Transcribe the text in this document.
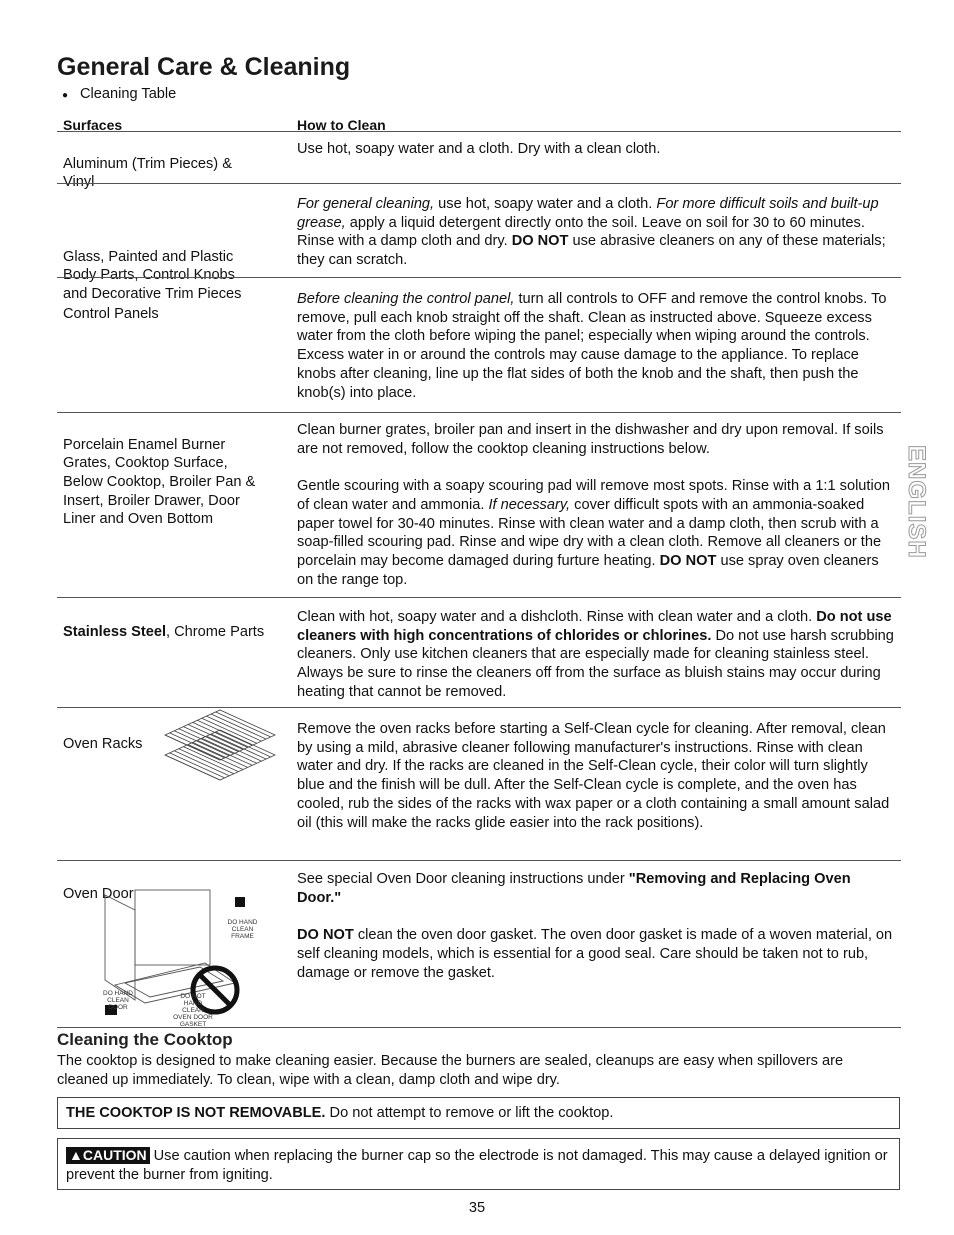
General Care & Cleaning
● Cleaning Table
Surfaces	How to Clean

Aluminum (Trim Pieces) & Vinyl

Use hot, soapy water and a cloth. Dry with a clean cloth.

Glass, Painted and Plastic Body Parts, Control Knobs and Decorative Trim Pieces

For general cleaning, use hot, soapy water and a cloth. For more difficult soils and built-up grease, apply a liquid detergent directly onto the soil. Leave on soil for 30 to 60 minutes. Rinse with a damp cloth and dry. DO NOT use abrasive cleaners on any of these materials; they can scratch.

Control Panels

Before cleaning the control panel, turn all controls to OFF and remove the control knobs. To remove, pull each knob straight off the shaft. Clean as instructed above. Squeeze excess water from the cloth before wiping the panel; especially when wiping around the controls. Excess water in or around the controls may cause damage to the appliance. To replace knobs after cleaning, line up the flat sides of both the knob and the shaft, then push the knob(s) into place.

Porcelain Enamel Burner Grates, Cooktop Surface, Below Cooktop, Broiler Pan & Insert, Broiler Drawer, Door Liner and Oven Bottom

Clean burner grates, broiler pan and insert in the dishwasher and dry upon removal. If soils are not removed, follow the cooktop cleaning instructions below.

Gentle scouring with a soapy scouring pad will remove most spots. Rinse with a 1:1 solution of clean water and ammonia. If necessary, cover difficult spots with an ammonia-soaked paper towel for 30-40 minutes. Rinse with clean water and a damp cloth, then scrub with a soap-filled scouring pad. Rinse and wipe dry with a clean cloth. Remove all cleaners or the porcelain may become damaged during furture heating. DO NOT use spray oven cleaners on the range top.

Stainless Steel, Chrome Parts

Clean with hot, soapy water and a dishcloth. Rinse with clean water and a cloth. Do not use cleaners with high concentrations of chlorides or chlorines. Do not use harsh scrubbing cleaners. Only use kitchen cleaners that are especially made for cleaning stainless steel. Always be sure to rinse the cleaners off from the surface as bluish stains may occur during heating that cannot be removed.

Oven Racks

Remove the oven racks before starting a Self-Clean cycle for cleaning. After removal, clean by using a mild, abrasive cleaner following manufacturer's instructions. Rinse with clean water and dry. If the racks are cleaned in the Self-Clean cycle, their color will turn slightly blue and the finish will be dull. After the Self-Clean cycle is complete, and the oven has cooled, rub the sides of the racks with wax paper or a cloth containing a small amount salad oil (this will make the racks glide easier into the rack positions).

Oven Door

See special Oven Door cleaning instructions under "Removing and Replacing Oven Door."

DO NOT clean the oven door gasket. The oven door gasket is made of a woven material, on self cleaning models, which is essential for a good seal. Care should be taken not to rub, damage or remove the gasket.

DO HAND CLEAN FRAME
DO HAND CLEAN DOOR
DO NOT HAND CLEAN OVEN DOOR GASKET
ENGLISH
Cleaning the Cooktop
The cooktop is designed to make cleaning easier. Because the burners are sealed, cleanups are easy when spillovers are cleaned up immediately. To clean, wipe with a clean, damp cloth and wipe dry.
THE COOKTOP IS NOT REMOVABLE. Do not attempt to remove or lift the cooktop.
▲CAUTION Use caution when replacing the burner cap so the electrode is not damaged. This may cause a delayed ignition or prevent the burner from igniting.
35
